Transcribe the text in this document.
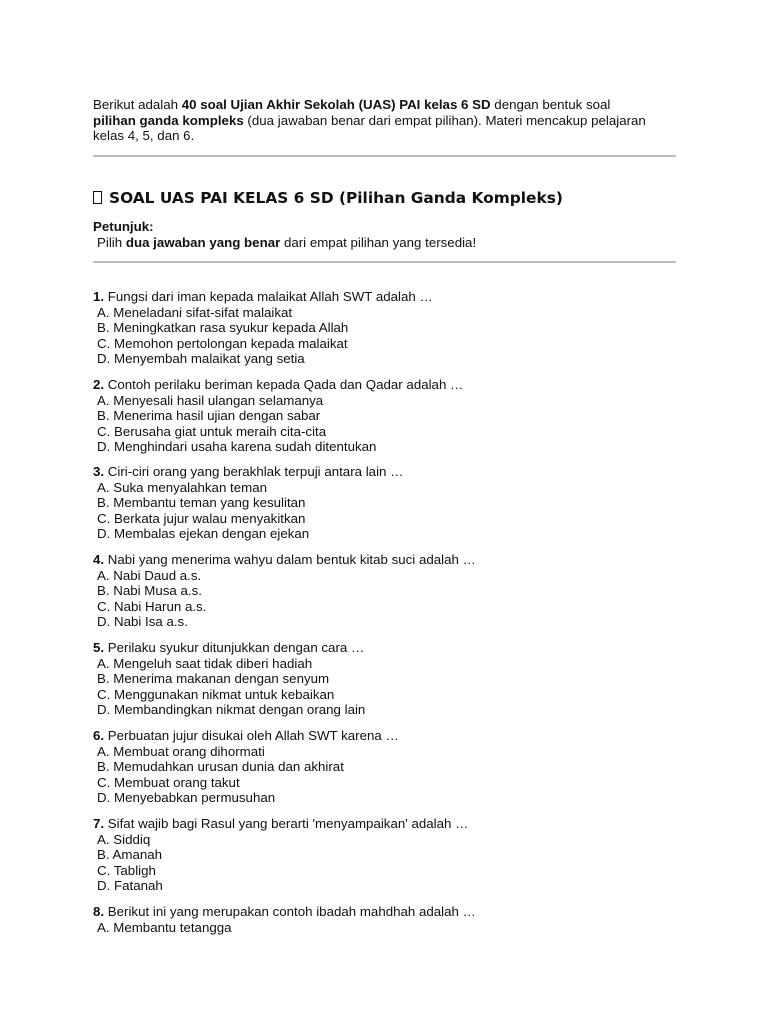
Berikut adalah 40 soal Ujian Akhir Sekolah (UAS) PAI kelas 6 SD dengan bentuk soal
pilihan ganda kompleks (dua jawaban benar dari empat pilihan). Materi mencakup pelajaran kelas 4, 5, dan 6.
SOAL UAS PAI KELAS 6 SD (Pilihan Ganda Kompleks)
Petunjuk:
Pilih dua jawaban yang benar dari empat pilihan yang tersedia!
1. Fungsi dari iman kepada malaikat Allah SWT adalah …
A. Meneladani sifat-sifat malaikat
B. Meningkatkan rasa syukur kepada Allah
C. Memohon pertolongan kepada malaikat
D. Menyembah malaikat yang setia
2. Contoh perilaku beriman kepada Qada dan Qadar adalah …
A. Menyesali hasil ulangan selamanya
B. Menerima hasil ujian dengan sabar
C. Berusaha giat untuk meraih cita-cita
D. Menghindari usaha karena sudah ditentukan
3. Ciri-ciri orang yang berakhlak terpuji antara lain …
A. Suka menyalahkan teman
B. Membantu teman yang kesulitan
C. Berkata jujur walau menyakitkan
D. Membalas ejekan dengan ejekan
4. Nabi yang menerima wahyu dalam bentuk kitab suci adalah …
A. Nabi Daud a.s.
B. Nabi Musa a.s.
C. Nabi Harun a.s.
D. Nabi Isa a.s.
5. Perilaku syukur ditunjukkan dengan cara …
A. Mengeluh saat tidak diberi hadiah
B. Menerima makanan dengan senyum
C. Menggunakan nikmat untuk kebaikan
D. Membandingkan nikmat dengan orang lain
6. Perbuatan jujur disukai oleh Allah SWT karena …
A. Membuat orang dihormati
B. Memudahkan urusan dunia dan akhirat
C. Membuat orang takut
D. Menyebabkan permusuhan
7. Sifat wajib bagi Rasul yang berarti 'menyampaikan' adalah …
A. Siddiq
B. Amanah
C. Tabligh
D. Fatanah
8. Berikut ini yang merupakan contoh ibadah mahdhah adalah …
A. Membantu tetangga
